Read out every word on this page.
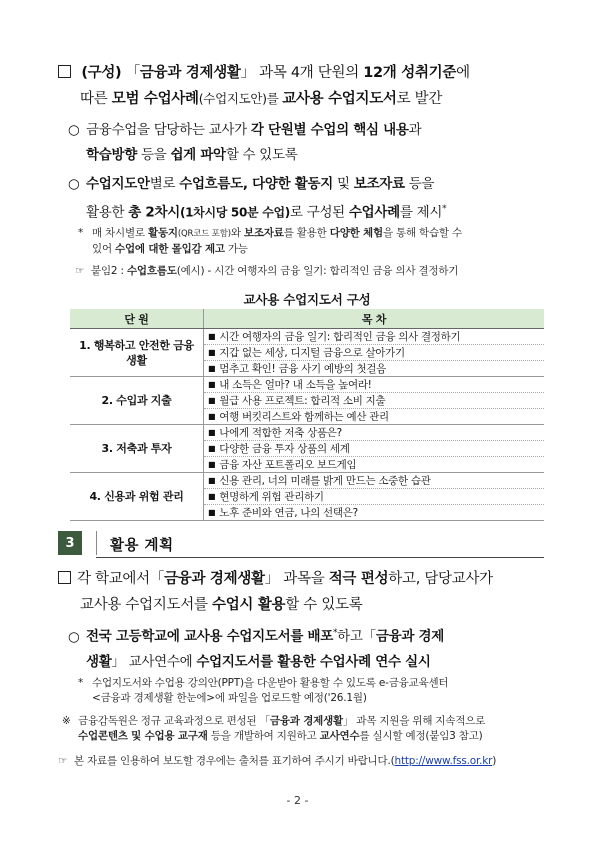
(구성) 「금융과 경제생활」 과목 4개 단원의 12개 성취기준에
따른 모범 수업사례(수업지도안)를 교사용 수업지도서로 발간
○ 금융수업을 담당하는 교사가 각 단원별 수업의 핵심 내용과
학습방향 등을 쉽게 파악할 수 있도록
○ 수업지도안별로 수업흐름도, 다양한 활동지 및 보조자료 등을
활용한 총 2차시(1차시당 50분 수업)로 구성된 수업사례를 제시*
* 매 차시별로 활동지(QR코드 포함)와 보조자료를 활용한 다양한 체험을 통해 학습할 수
있어 수업에 대한 몰입감 제고 가능
☞ 붙임2 : 수업흐름도(예시) - 시간 여행자의 금융 일기: 합리적인 금융 의사 결정하기
교사용 수업지도서 구성
단 원	목 차
1. 행복하고 안전한 금융 생활	■ 시간 여행자의 금융 일기: 합리적인 금융 의사 결정하기
	■ 지갑 없는 세상, 디지털 금융으로 살아가기
	■ 멈추고 확인! 금융 사기 예방의 첫걸음
2. 수입과 지출	■ 내 소득은 얼마? 내 소득을 높여라!
	■ 월급 사용 프로젝트: 합리적 소비 지출
	■ 여행 버킷리스트와 함께하는 예산 관리
3. 저축과 투자	■ 나에게 적합한 저축 상품은?
	■ 다양한 금융 투자 상품의 세계
	■ 금융 자산 포트폴리오 보드게임
4. 신용과 위험 관리	■ 신용 관리, 너의 미래를 밝게 만드는 소중한 습관
	■ 현명하게 위험 관리하기
	■ 노후 준비와 연금, 나의 선택은?
3	활용 계획
각 학교에서「금융과 경제생활」 과목을 적극 편성하고, 담당교사가
교사용 수업지도서를 수업시 활용할 수 있도록
○ 전국 고등학교에 교사용 수업지도서를 배포*하고「금융과 경제
생활」 교사연수에 수업지도서를 활용한 수업사례 연수 실시
* 수업지도서와 수업용 강의안(PPT)을 다운받아 활용할 수 있도록 e-금융교육센터
<금융과 경제생활 한눈에>에 파일을 업로드할 예정('26.1월)
※ 금융감독원은 정규 교육과정으로 편성된 「금융과 경제생활」 과목 지원을 위해 지속적으로
수업콘텐츠 및 수업용 교구재 등을 개발하여 지원하고 교사연수를 실시할 예정(붙임3 참고)
☞ 본 자료를 인용하여 보도할 경우에는 출처를 표기하여 주시기 바랍니다.(http://www.fss.or.kr)
- 2 -
